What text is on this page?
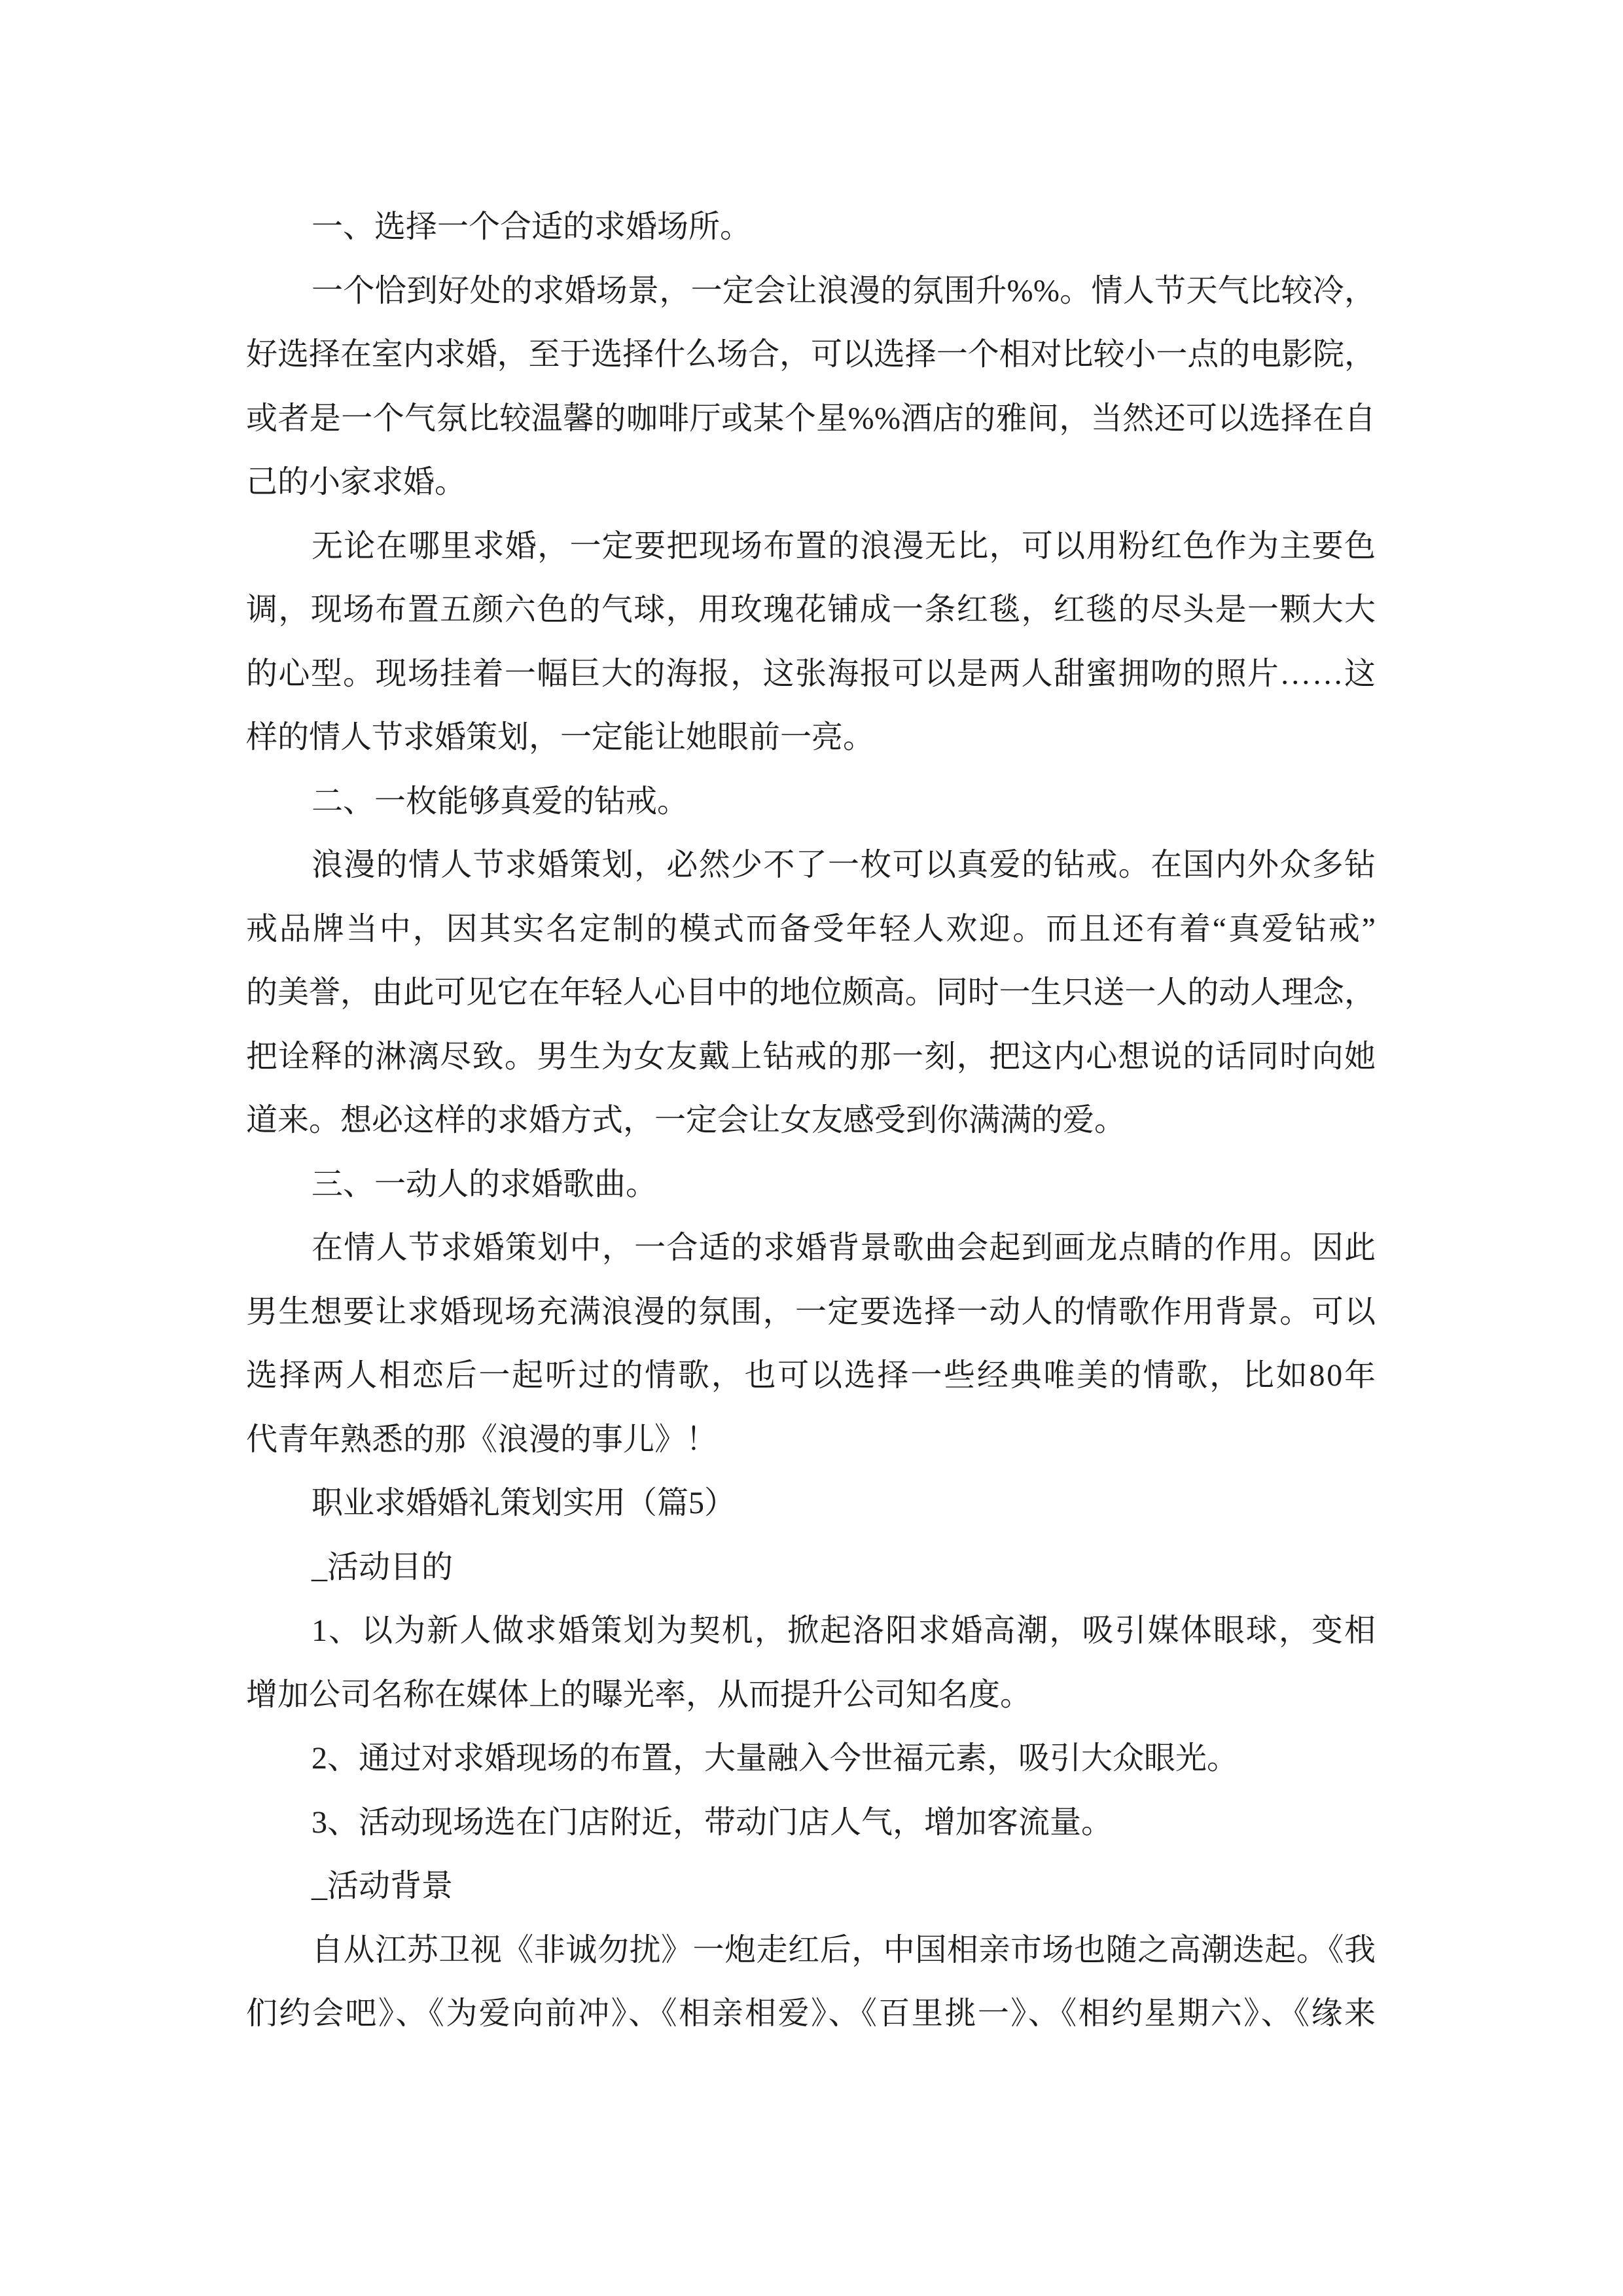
一、选择一个合适的求婚场所。
一个恰到好处的求婚场景，一定会让浪漫的氛围升%%。情人节天气比较冷，
好选择在室内求婚，至于选择什么场合，可以选择一个相对比较小一点的电影院，
或者是一个气氛比较温馨的咖啡厅或某个星%%酒店的雅间，当然还可以选择在自
己的小家求婚。
无论在哪里求婚，一定要把现场布置的浪漫无比，可以用粉红色作为主要色
调，现场布置五颜六色的气球，用玫瑰花铺成一条红毯，红毯的尽头是一颗大大
的心型。现场挂着一幅巨大的海报，这张海报可以是两人甜蜜拥吻的照片……这
样的情人节求婚策划，一定能让她眼前一亮。
二、一枚能够真爱的钻戒。
浪漫的情人节求婚策划，必然少不了一枚可以真爱的钻戒。在国内外众多钻
戒品牌当中，因其实名定制的模式而备受年轻人欢迎。而且还有着“真爱钻戒”
的美誉，由此可见它在年轻人心目中的地位颇高。同时一生只送一人的动人理念，
把诠释的淋漓尽致。男生为女友戴上钻戒的那一刻，把这内心想说的话同时向她
道来。想必这样的求婚方式，一定会让女友感受到你满满的爱。
三、一动人的求婚歌曲。
在情人节求婚策划中，一合适的求婚背景歌曲会起到画龙点睛的作用。因此
男生想要让求婚现场充满浪漫的氛围，一定要选择一动人的情歌作用背景。可以
选择两人相恋后一起听过的情歌，也可以选择一些经典唯美的情歌，比如80年
代青年熟悉的那《浪漫的事儿》！
职业求婚婚礼策划实用（篇5）
_活动目的
1、以为新人做求婚策划为契机，掀起洛阳求婚高潮，吸引媒体眼球，变相
增加公司名称在媒体上的曝光率，从而提升公司知名度。
2、通过对求婚现场的布置，大量融入今世福元素，吸引大众眼光。
3、活动现场选在门店附近，带动门店人气，增加客流量。
_活动背景
自从江苏卫视《非诚勿扰》一炮走红后，中国相亲市场也随之高潮迭起。《我
们约会吧》、《为爱向前冲》、《相亲相爱》、《百里挑一》、《相约星期六》、《缘来
